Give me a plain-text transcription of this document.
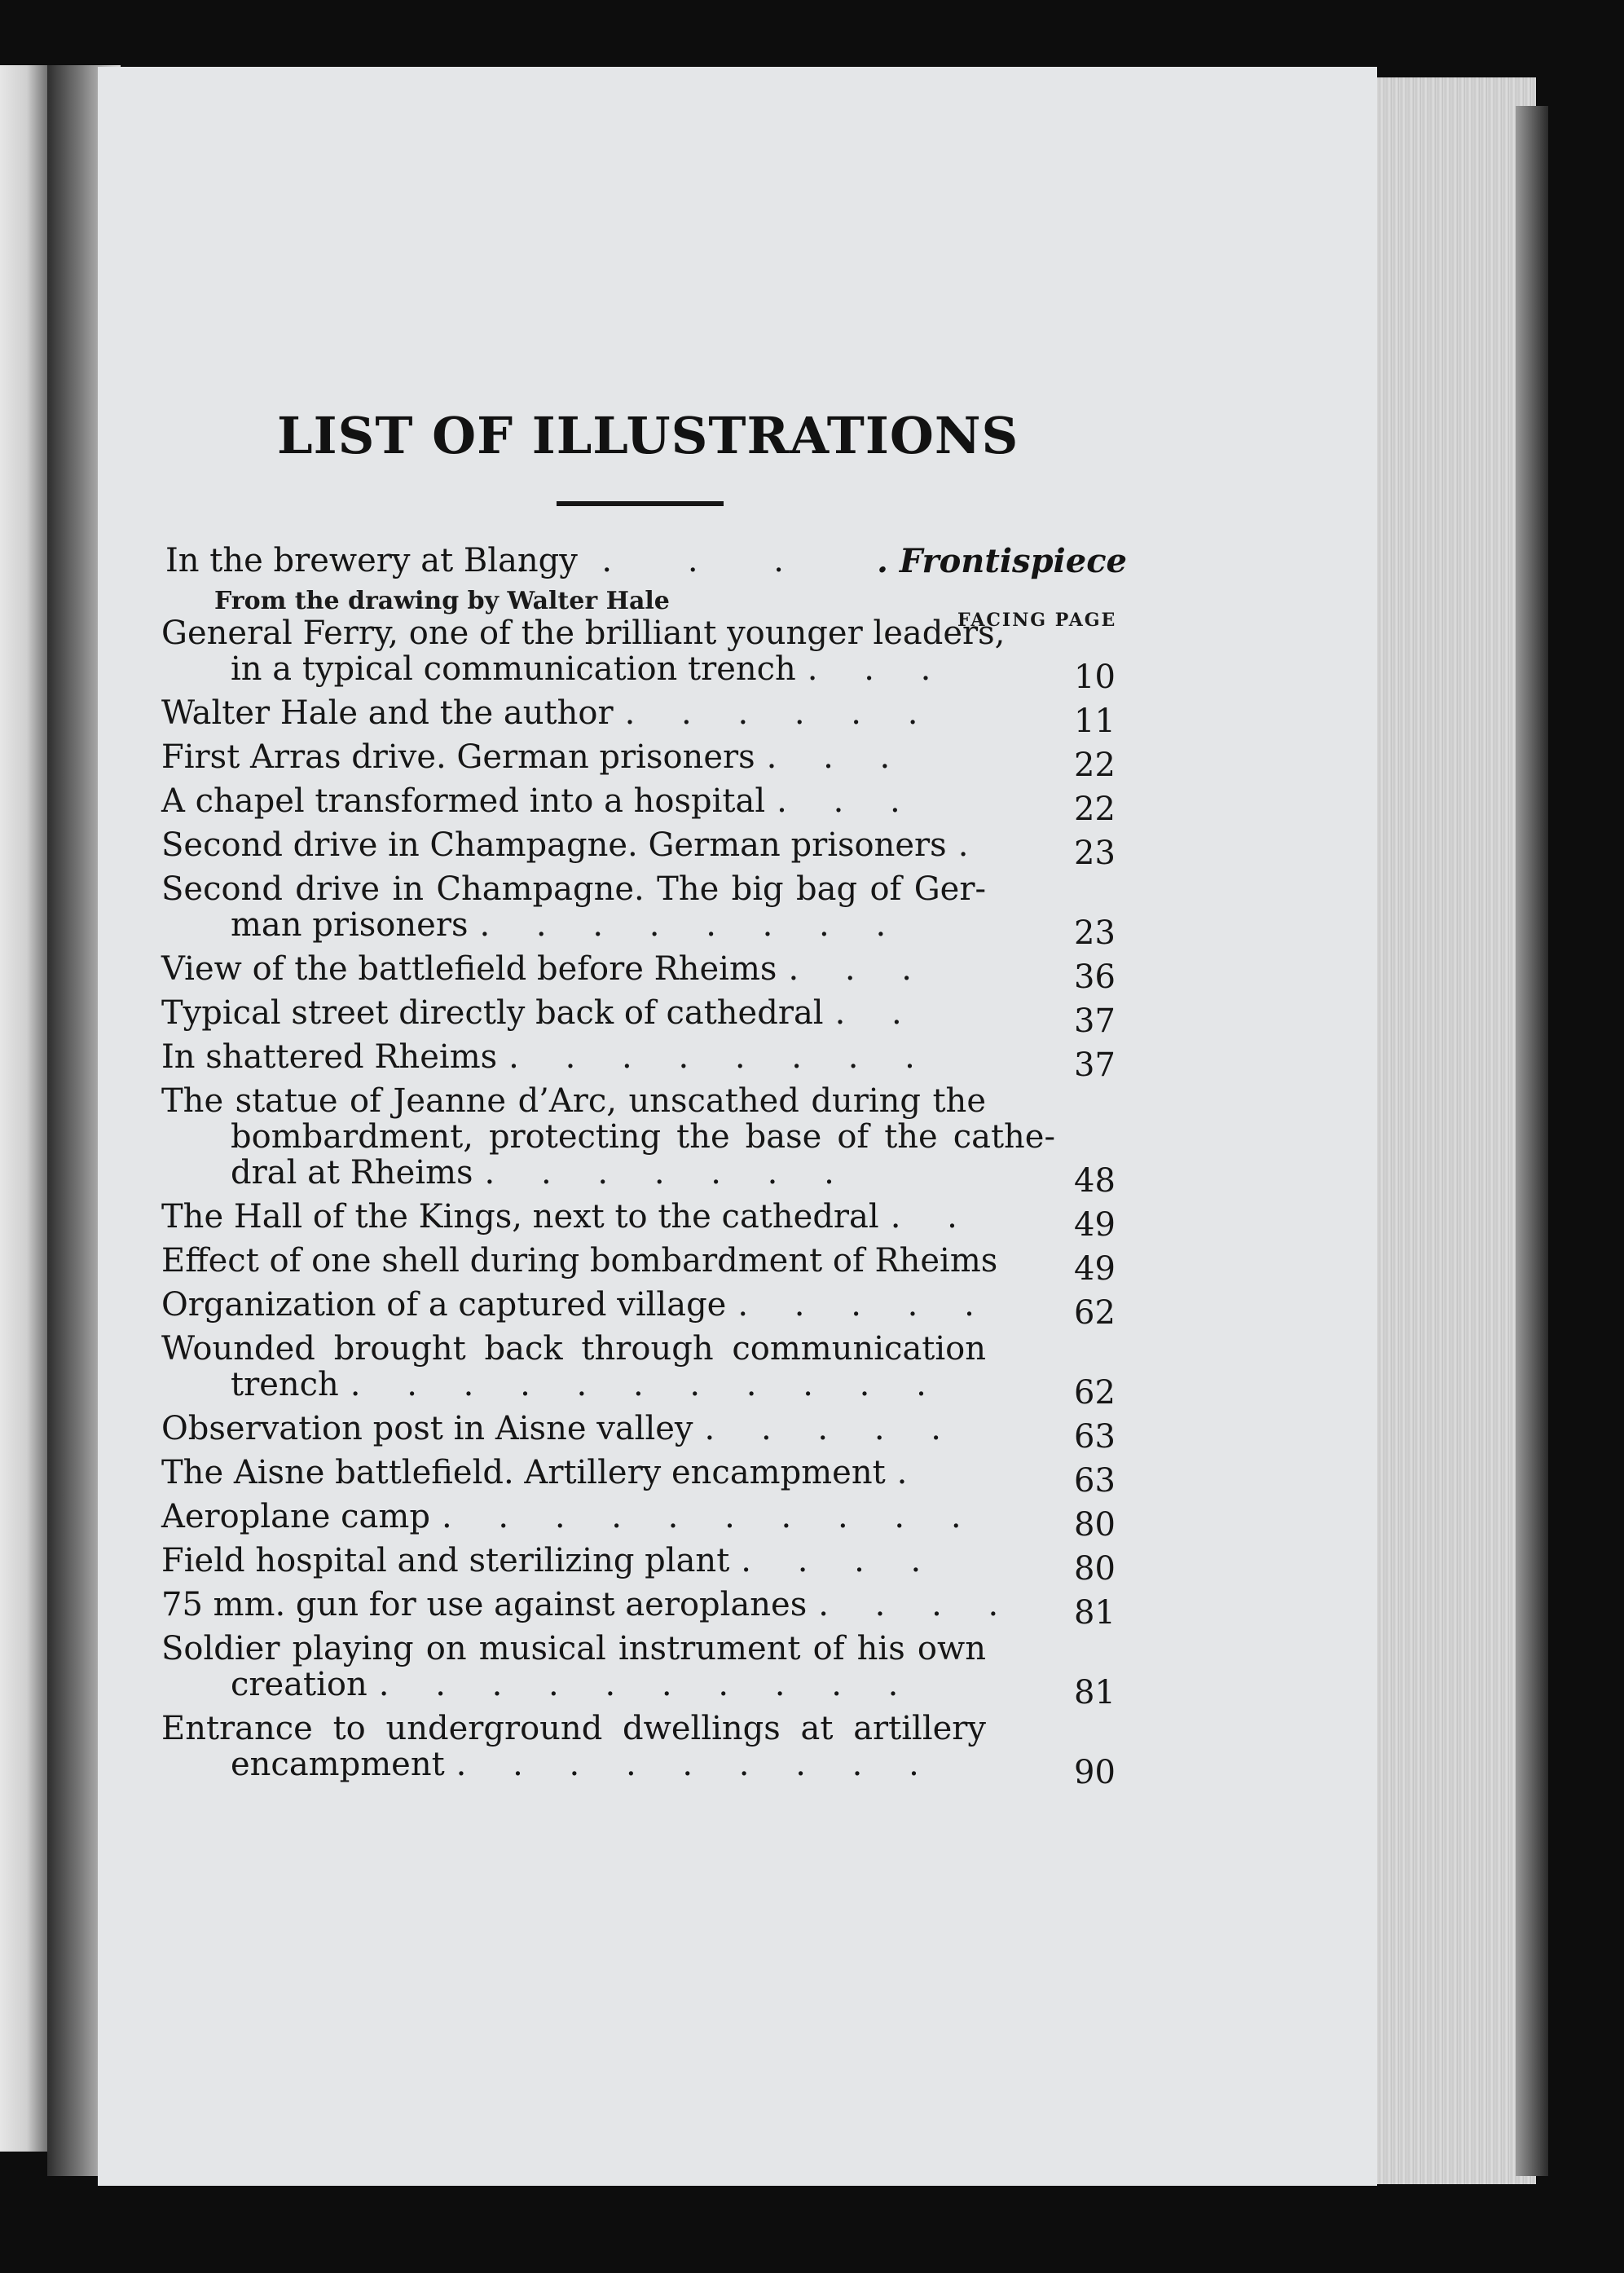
LIST OF ILLUSTRATIONS
In the brewery at Blangy
. . . . . Frontispiece
From the drawing by Walter Hale
FACING PAGE
General Ferry, one of the brilliant younger leaders,
in a typical communication trench . . .	10
Walter Hale and the author . . . . . .	11
First Arras drive. German prisoners . . .	22
A chapel transformed into a hospital . . .	22
Second drive in Champagne. German prisoners .	23
Second drive in Champagne. The big bag of Ger-
man prisoners . . . . . . . .	23
View of the battlefield before Rheims . . .	36
Typical street directly back of cathedral . .	37
In shattered Rheims . . . . . . . .	37
The statue of Jeanne d’Arc, unscathed during the
bombardment, protecting the base of the cathe-
dral at Rheims . . . . . . .	48
The Hall of the Kings, next to the cathedral . .	49
Effect of one shell during bombardment of Rheims	49
Organization of a captured village . . . . .	62
Wounded brought back through communication
trench . . . . . . . . . . .	62
Observation post in Aisne valley . . . . .	63
The Aisne battlefield. Artillery encampment .	63
Aeroplane camp . . . . . . . . . .	80
Field hospital and sterilizing plant . . . .	80
75 mm. gun for use against aeroplanes . . . .	81
Soldier playing on musical instrument of his own
creation . . . . . . . . . .	81
Entrance to underground dwellings at artillery
encampment . . . . . . . . .	90
